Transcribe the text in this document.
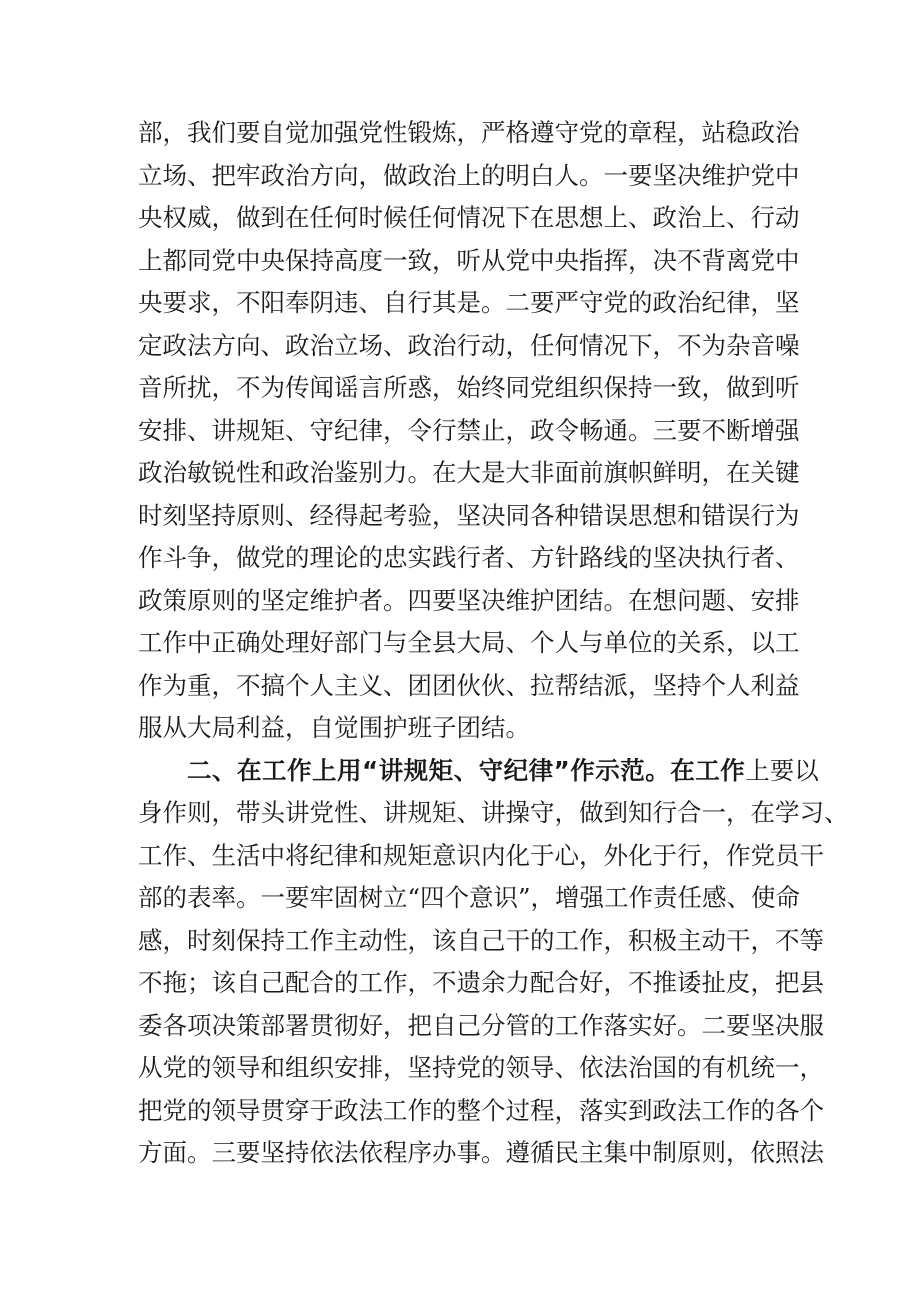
部，我们要自觉加强党性锻炼，严格遵守党的章程，站稳政治
立场、把牢政治方向，做政治上的明白人。一要坚决维护党中
央权威，做到在任何时候任何情况下在思想上、政治上、行动
上都同党中央保持高度一致，听从党中央指挥，决不背离党中
央要求，不阳奉阴违、自行其是。二要严守党的政治纪律，坚
定政法方向、政治立场、政治行动，任何情况下，不为杂音噪
音所扰，不为传闻谣言所惑，始终同党组织保持一致，做到听
安排、讲规矩、守纪律，令行禁止，政令畅通。三要不断增强
政治敏锐性和政治鉴别力。在大是大非面前旗帜鲜明，在关键
时刻坚持原则、经得起考验，坚决同各种错误思想和错误行为
作斗争，做党的理论的忠实践行者、方针路线的坚决执行者、
政策原则的坚定维护者。四要坚决维护团结。在想问题、安排
工作中正确处理好部门与全县大局、个人与单位的关系，以工
作为重，不搞个人主义、团团伙伙、拉帮结派，坚持个人利益
服从大局利益，自觉围护班子团结。
二、在工作上用“讲规矩、守纪律”作示范。在工作上要以
身作则，带头讲党性、讲规矩、讲操守，做到知行合一，在学习、
工作、生活中将纪律和规矩意识内化于心，外化于行，作党员干
部的表率。一要牢固树立“四个意识”，增强工作责任感、使命
感，时刻保持工作主动性，该自己干的工作，积极主动干，不等
不拖；该自己配合的工作，不遗余力配合好，不推诿扯皮，把县
委各项决策部署贯彻好，把自己分管的工作落实好。二要坚决服
从党的领导和组织安排，坚持党的领导、依法治国的有机统一，
把党的领导贯穿于政法工作的整个过程，落实到政法工作的各个
方面。三要坚持依法依程序办事。遵循民主集中制原则，依照法
